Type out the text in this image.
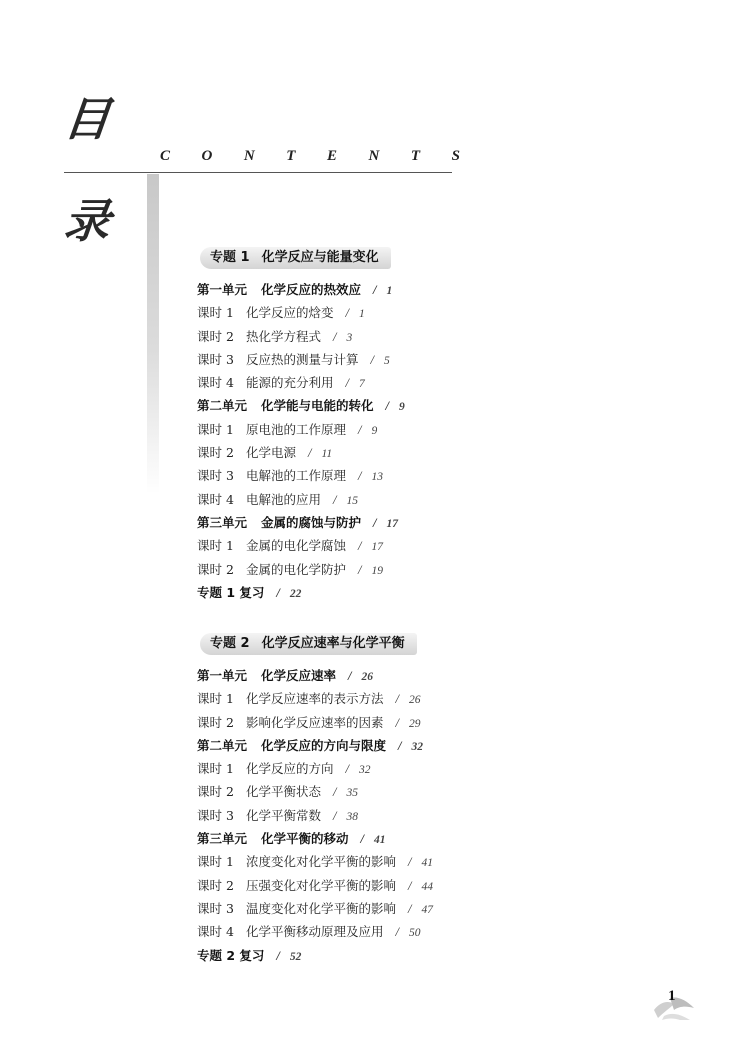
目
C O N T E N T S
录
专题 1 化学反应与能量变化
第一单元 化学反应的热效应 / 1
课时 1 化学反应的焓变 / 1
课时 2 热化学方程式 / 3
课时 3 反应热的测量与计算 / 5
课时 4 能源的充分利用 / 7
第二单元 化学能与电能的转化 / 9
课时 1 原电池的工作原理 / 9
课时 2 化学电源 / 11
课时 3 电解池的工作原理 / 13
课时 4 电解池的应用 / 15
第三单元 金属的腐蚀与防护 / 17
课时 1 金属的电化学腐蚀 / 17
课时 2 金属的电化学防护 / 19
专题 1 复习 / 22
专题 2 化学反应速率与化学平衡
第一单元 化学反应速率 / 26
课时 1 化学反应速率的表示方法 / 26
课时 2 影响化学反应速率的因素 / 29
第二单元 化学反应的方向与限度 / 32
课时 1 化学反应的方向 / 32
课时 2 化学平衡状态 / 35
课时 3 化学平衡常数 / 38
第三单元 化学平衡的移动 / 41
课时 1 浓度变化对化学平衡的影响 / 41
课时 2 压强变化对化学平衡的影响 / 44
课时 3 温度变化对化学平衡的影响 / 47
课时 4 化学平衡移动原理及应用 / 50
专题 2 复习 / 52
1
